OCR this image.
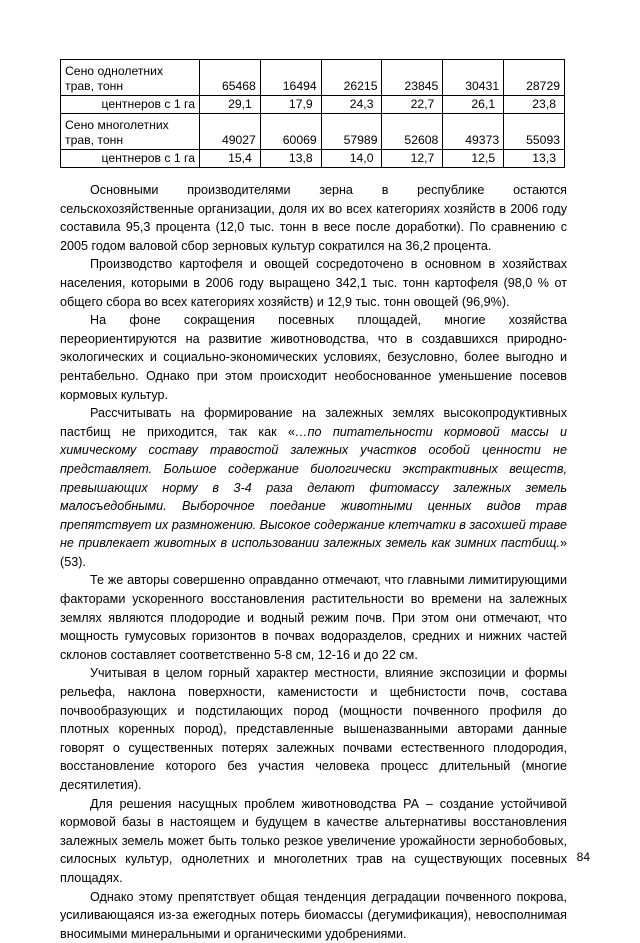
Сено однолетних трав, тонн	65468	16494	26215	23845	30431	28729
центнеров с 1 га	29,1	17,9	24,3	22,7	26,1	23,8
Сено многолетних трав, тонн	49027	60069	57989	52608	49373	55093
центнеров с 1 га	15,4	13,8	14,0	12,7	12,5	13,3

Основными производителями зерна в республике остаются сельскохозяйственные организации, доля их во всех категориях хозяйств в 2006 году составила 95,3 процента (12,0 тыс. тонн в весе после доработки). По сравнению с 2005 годом валовой сбор зерновых культур сократился на 36,2 процента.

Производство картофеля и овощей сосредоточено в основном в хозяйствах населения, которыми в 2006 году выращено 342,1 тыс. тонн картофеля (98,0 % от общего сбора во всех категориях хозяйств) и 12,9 тыс. тонн овощей (96,9%).

На фоне сокращения посевных площадей, многие хозяйства переориентируются на развитие животноводства, что в создавшихся природно-экологических и социально-экономических условиях, безусловно, более выгодно и рентабельно. Однако при этом происходит необоснованное уменьшение посевов кормовых культур.

Рассчитывать на формирование на залежных землях высокопродуктивных пастбищ не приходится, так как «…по питательности кормовой массы и химическому составу травостой залежных участков особой ценности не представляет. Большое содержание биологически экстрактивных веществ, превышающих норму в 3-4 раза делают фитомассу залежных земель малосъедобными. Выборочное поедание животными ценных видов трав препятствует их размножению. Высокое содержание клетчатки в засохшей траве не привлекает животных в использовании залежных земель как зимних пастбищ.» (53).

Те же авторы совершенно оправданно отмечают, что главными лимитирующими факторами ускоренного восстановления растительности во времени на залежных землях являются плодородие и водный режим почв. При этом они отмечают, что мощность гумусовых горизонтов в почвах водоразделов, средних и нижних частей склонов составляет соответственно 5-8 см, 12-16 и до 22 см.

Учитывая в целом горный характер местности, влияние экспозиции и формы рельефа, наклона поверхности, каменистости и щебнистости почв, состава почвообразующих и подстилающих пород (мощности почвенного профиля до плотных коренных пород), представленные вышеназванными авторами данные говорят о существенных потерях залежных почвами естественного плодородия, восстановление которого без участия человека процесс длительный (многие десятилетия).

Для решения насущных проблем животноводства РА – создание устойчивой кормовой базы в настоящем и будущем в качестве альтернативы восстановления залежных земель может быть только резкое увеличение урожайности зернобобовых, силосных культур, однолетних и многолетних трав на существующих посевных площадях.

Однако этому препятствует общая тенденция деградации почвенного покрова, усиливающаяся из-за ежегодных потерь биомассы (дегумификация), невосполнимая вносимыми минеральными и органическими удобрениями.

84
